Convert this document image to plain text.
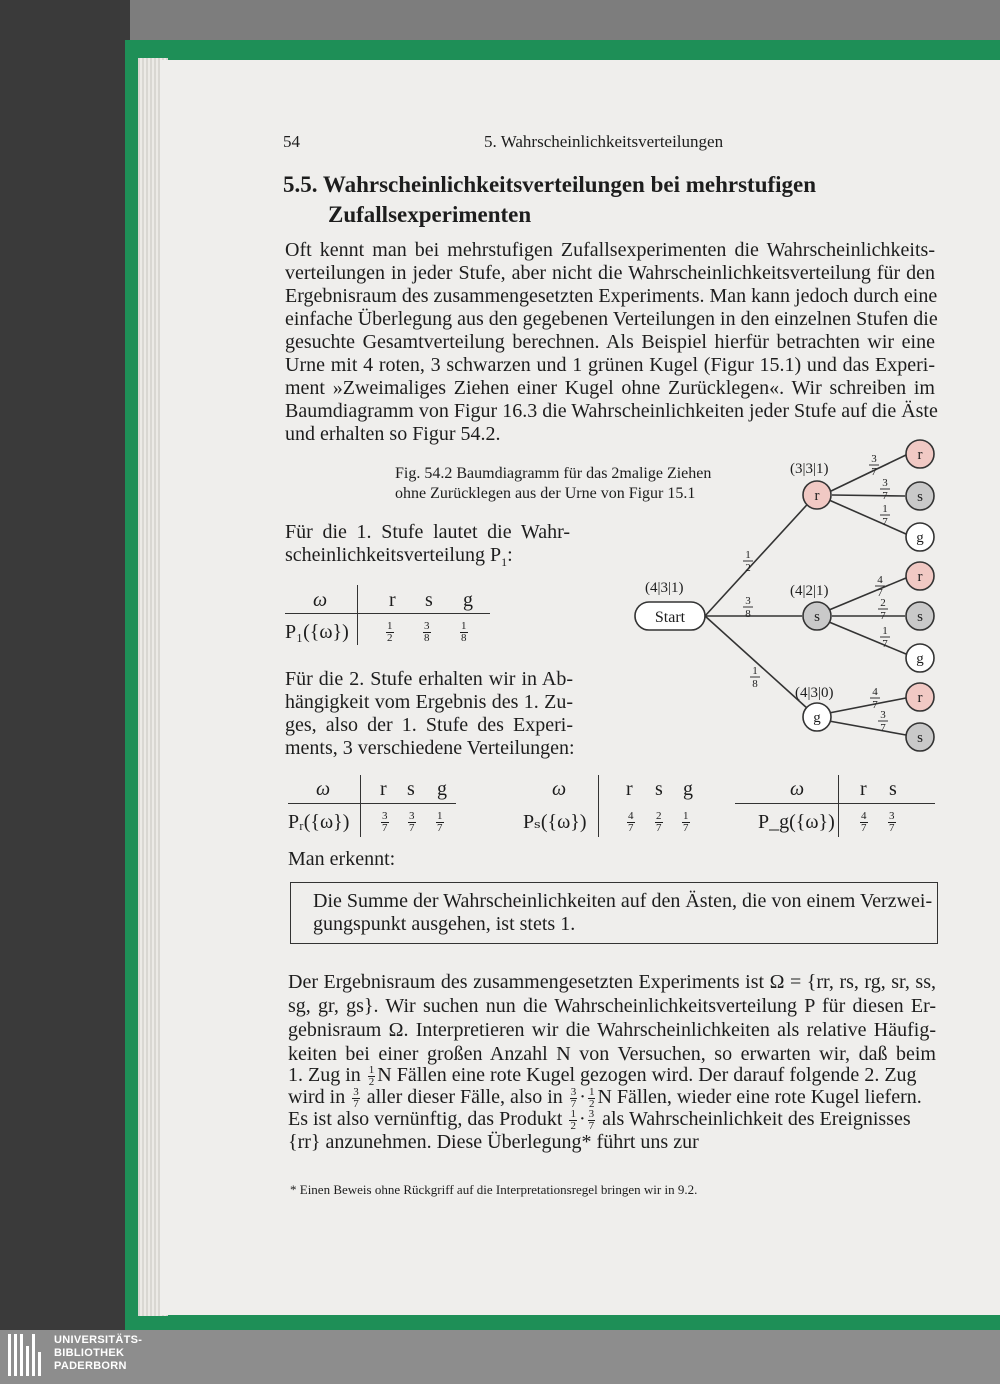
54	5. Wahrscheinlichkeitsverteilungen
5.5. Wahrscheinlichkeitsverteilungen bei mehrstufigen
Zufallsexperimenten
Oft kennt man bei mehrstufigen Zufallsexperimenten die Wahrscheinlichkeits-
verteilungen in jeder Stufe, aber nicht die Wahrscheinlichkeitsverteilung für den
Ergebnisraum des zusammengesetzten Experiments. Man kann jedoch durch eine
einfache Überlegung aus den gegebenen Verteilungen in den einzelnen Stufen die
gesuchte Gesamtverteilung berechnen. Als Beispiel hierfür betrachten wir eine
Urne mit 4 roten, 3 schwarzen und 1 grünen Kugel (Figur 15.1) und das Experi-
ment »Zweimaliges Ziehen einer Kugel ohne Zurücklegen«. Wir schreiben im
Baumdiagramm von Figur 16.3 die Wahrscheinlichkeiten jeder Stufe auf die Äste
und erhalten so Figur 54.2.
Fig. 54.2 Baumdiagramm für das 2malige Ziehen
ohne Zurücklegen aus der Urne von Figur 15.1
Start
(4|3|1)
r
(3|3|1)
s
(4|2|1)
g
(4|3|0)
r
s
g
r
s
g
r
s
1
2
3
8
1
8
3
7
3
7
1
7
4
7
2
7
1
7
4
7
3
7
Für die 1. Stufe lautet die Wahr-
scheinlichkeitsverteilung $P_1$:
ω	r s g
P₁({ω})	$\frac{1}{2}$	$\frac{3}{8}$	$\frac{1}{8}$
Für die 2. Stufe erhalten wir in Ab-
hängigkeit vom Ergebnis des 1. Zu-
ges, also der 1. Stufe des Experi-
ments, 3 verschiedene Verteilungen:
ω r s g
Pᵣ({ω})	$\frac{3}{7} \frac{3}{7} \frac{1}{7}$
ω	r s g
Pₛ({ω})	$\frac{4}{7} \frac{2}{7} \frac{1}{7}$
ω	r s
P_g({ω}) $\frac{4}{7} \frac{3}{7}$
Man erkennt:
Die Summe der Wahrscheinlichkeiten auf den Ästen, die von einem Verzwei-
gungspunkt ausgehen, ist stets 1.
Der Ergebnisraum des zusammengesetzten Experiments ist Ω = {rr, rs, rg, sr, ss,
sg, gr, gs}. Wir suchen nun die Wahrscheinlichkeitsverteilung P für diesen Er-
gebnisraum Ω. Interpretieren wir die Wahrscheinlichkeiten als relative Häufig-
keiten bei einer großen Anzahl N von Versuchen, so erwarten wir, daß beim
1. Zug in $\frac{1}{2}$ N Fällen eine rote Kugel gezogen wird. Der darauf folgende 2. Zug
wird in $\frac{3}{7}$ aller dieser Fälle, also in $\frac{3}{7} \cdot \frac{1}{2}$ N Fällen, wieder eine rote Kugel liefern.
Es ist also vernünftig, das Produkt $\frac{1}{2} \cdot \frac{3}{7}$ als Wahrscheinlichkeit des Ereignisses
{rr} anzunehmen. Diese Überlegung* führt uns zur
* Einen Beweis ohne Rückgriff auf die Interpretationsregel bringen wir in 9.2.
UNIVERSITÄTS-
BIBLIOTHEK
PADERBORN
